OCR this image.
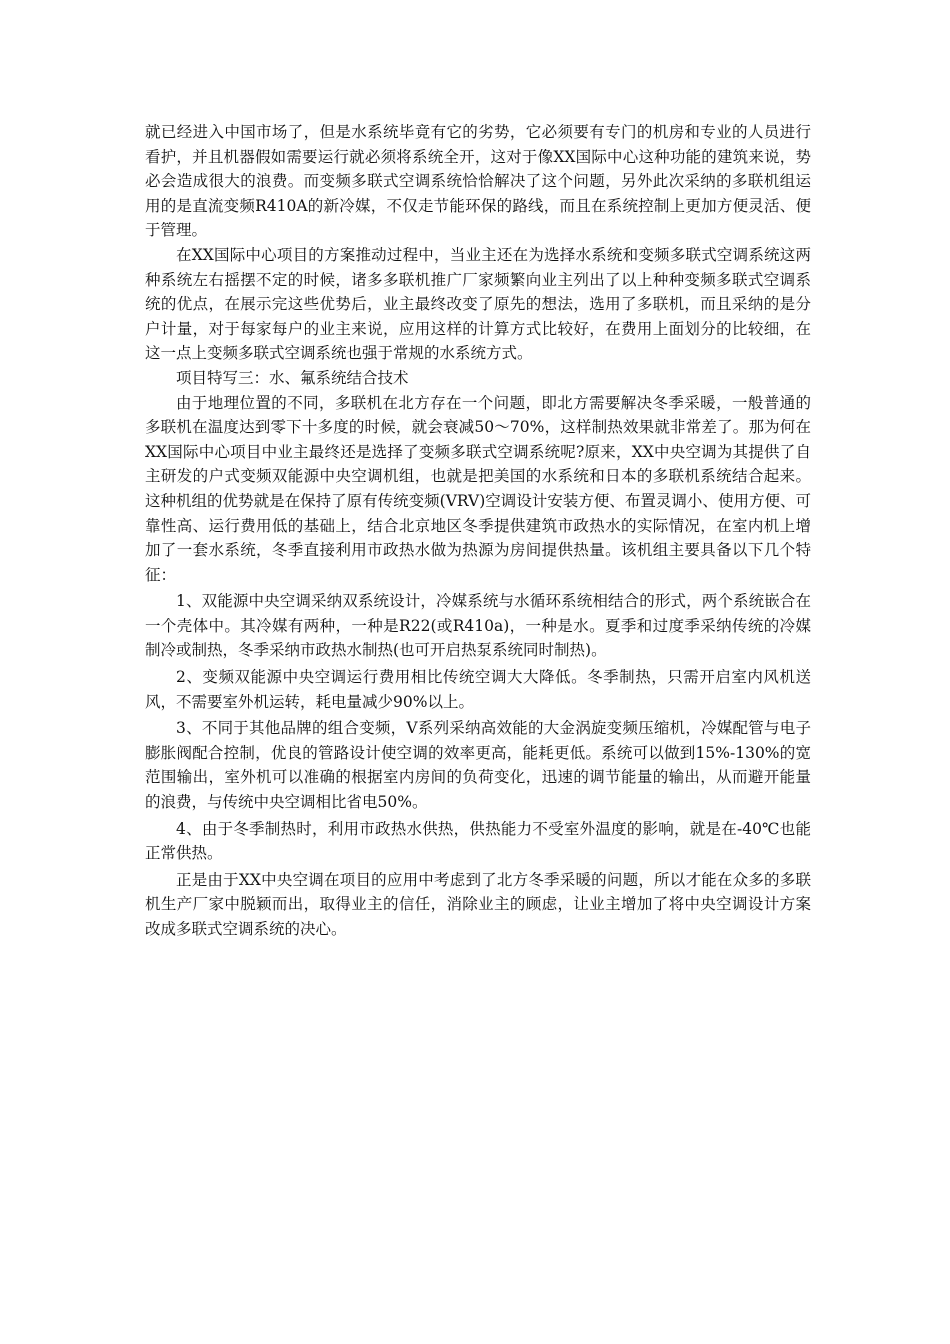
就已经进入中国市场了，但是水系统毕竟有它的劣势，它必须要有专门的机房和专业的人员进行看护，并且机器假如需要运行就必须将系统全开，这对于像XX国际中心这种功能的建筑来说，势必会造成很大的浪费。而变频多联式空调系统恰恰解决了这个问题，另外此次采纳的多联机组运用的是直流变频R410A的新冷媒，不仅走节能环保的路线，而且在系统控制上更加方便灵活、便于管理。

在XX国际中心项目的方案推动过程中，当业主还在为选择水系统和变频多联式空调系统这两种系统左右摇摆不定的时候，诸多多联机推广厂家频繁向业主列出了以上种种变频多联式空调系统的优点，在展示完这些优势后，业主最终改变了原先的想法，选用了多联机，而且采纳的是分户计量，对于每家每户的业主来说，应用这样的计算方式比较好，在费用上面划分的比较细，在这一点上变频多联式空调系统也强于常规的水系统方式。

项目特写三：水、氟系统结合技术

由于地理位置的不同，多联机在北方存在一个问题，即北方需要解决冬季采暖，一般普通的多联机在温度达到零下十多度的时候，就会衰减50～70%，这样制热效果就非常差了。那为何在XX国际中心项目中业主最终还是选择了变频多联式空调系统呢?原来，XX中央空调为其提供了自主研发的户式变频双能源中央空调机组，也就是把美国的水系统和日本的多联机系统结合起来。这种机组的优势就是在保持了原有传统变频(VRV)空调设计安装方便、布置灵调小、使用方便、可靠性高、运行费用低的基础上，结合北京地区冬季提供建筑市政热水的实际情况，在室内机上增加了一套水系统，冬季直接利用市政热水做为热源为房间提供热量。该机组主要具备以下几个特征：

1、双能源中央空调采纳双系统设计，冷媒系统与水循环系统相结合的形式，两个系统嵌合在一个壳体中。其冷媒有两种，一种是R22(或R410a)，一种是水。夏季和过度季采纳传统的冷媒制冷或制热，冬季采纳市政热水制热(也可开启热泵系统同时制热)。

2、变频双能源中央空调运行费用相比传统空调大大降低。冬季制热，只需开启室内风机送风，不需要室外机运转，耗电量减少90%以上。

3、不同于其他品牌的组合变频，V系列采纳高效能的大金涡旋变频压缩机，冷媒配管与电子膨胀阀配合控制，优良的管路设计使空调的效率更高，能耗更低。系统可以做到15%-130%的宽范围输出，室外机可以准确的根据室内房间的负荷变化，迅速的调节能量的输出，从而避开能量的浪费，与传统中央空调相比省电50%。

4、由于冬季制热时，利用市政热水供热，供热能力不受室外温度的影响，就是在-40℃也能正常供热。

正是由于XX中央空调在项目的应用中考虑到了北方冬季采暖的问题，所以才能在众多的多联机生产厂家中脱颖而出，取得业主的信任，消除业主的顾虑，让业主增加了将中央空调设计方案改成多联式空调系统的决心。
